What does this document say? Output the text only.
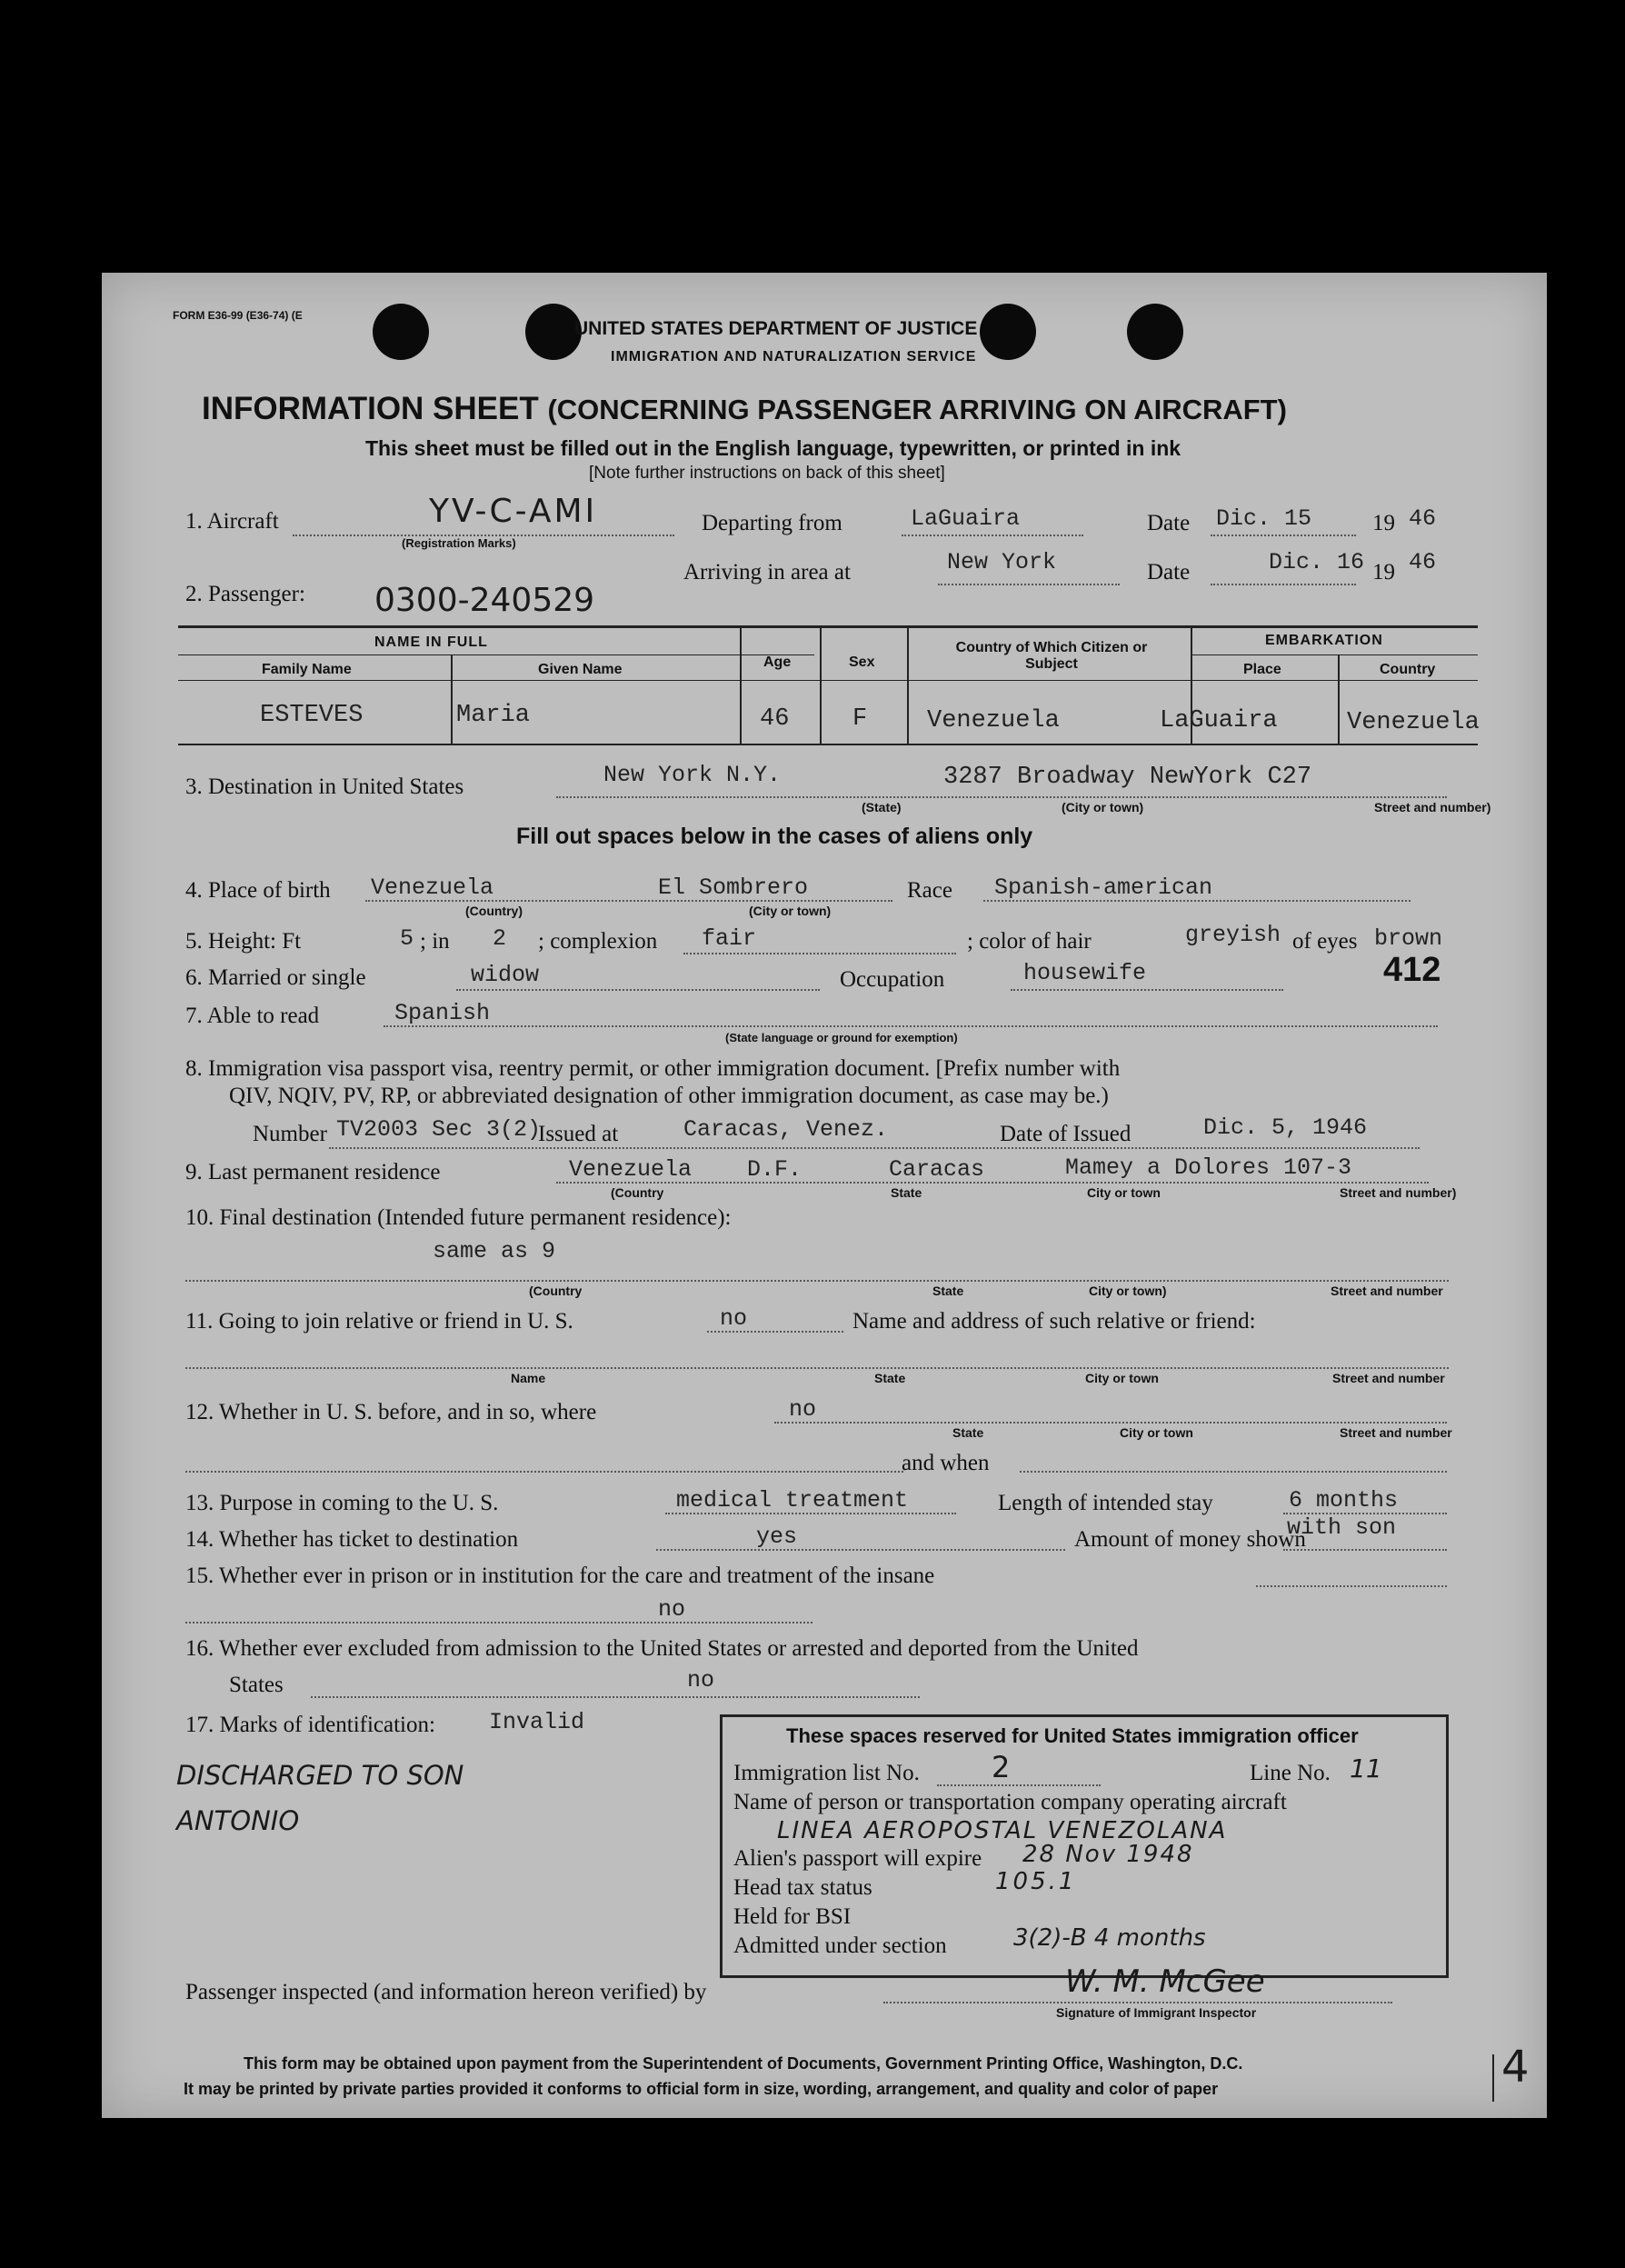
FORM E36-99 (E36-74) (E
UNITED STATES DEPARTMENT OF JUSTICE
IMMIGRATION AND NATURALIZATION SERVICE
INFORMATION SHEET (CONCERNING PASSENGER ARRIVING ON AIRCRAFT)
This sheet must be filled out in the English language, typewritten, or printed in ink
[Note further instructions on back of this sheet]
1. Aircraft	YV-C-AMI
(Registration Marks)
Departing from	LaGuaira	Date Dic. 15	19 46
Arriving in area at	New York	Date	Dic. 16 19 46
2. Passenger: 0300-240529
NAME IN FULL
Family Name	Given Name	Age	Sex
Country of Which Citizen or Subject
EMBARKATION
Place	Country
ESTEVES	Maria	46	F Venezuela	LaGuaira	Venezuela
3. Destination in United States	New York N.Y.	3287 Broadway NewYork C27
(State)	(City or town)	Street and number)
Fill out spaces below in the cases of aliens only
4. Place of birth Venezuela	El Sombrero
(Country)	(City or town)
Race Spanish-american
5. Height: Ft	5 ; in 2 ; complexion fair	; color of hair	greyish of eyes brown
6. Married or single	widow	Occupation	housewife	412
7. Able to read	Spanish
(State language or ground for exemption)
8. Immigration visa passport visa, reentry permit, or other immigration document. [Prefix number with
QIV, NQIV, PV, RP, or abbreviated designation of other immigration document, as case may be.)
Number TV2003 Sec 3(2)
Issued at	Caracas, Venez.	Date of Issued	Dic. 5, 1946
9. Last permanent residence	Venezuela D.F.	Caracas	Mamey a Dolores 107-3
(Country	State	City or town	Street and number)
10. Final destination (Intended future permanent residence):
same as 9
(Country	State	City or town)	Street and number
11. Going to join relative or friend in U. S.	no	Name and address of such relative or friend:
Name	State	City or town	Street and number
12. Whether in U. S. before, and in so, where	no
State	City or town	Street and number
and when
13. Purpose in coming to the U. S.	medical treatment	Length of intended stay	6 months
14. Whether has ticket to destination	yes	Amount of money shown
with son
15. Whether ever in prison or in institution for the care and treatment of the insane
no
16. Whether ever excluded from admission to the United States or arrested and deported from the United
States	no
17. Marks of identification: Invalid
DISCHARGED TO SON
ANTONIO
These spaces reserved for United States immigration officer
Immigration list No. 2	Line No. 11
Name of person or transportation company operating aircraft
LINEA AEROPOSTAL VENEZOLANA
Alien's passport will expire 28 Nov 1948
Head tax status	105.1
Held for BSI
Admitted under section	3(2)-B 4 months
Passenger inspected (and information hereon verified) by	W. M. McGee
Signature of Immigrant Inspector
This form may be obtained upon payment from the Superintendent of Documents, Government Printing Office, Washington, D.C.
It may be printed by private parties provided it conforms to official form in size, wording, arrangement, and quality and color of paper	4
